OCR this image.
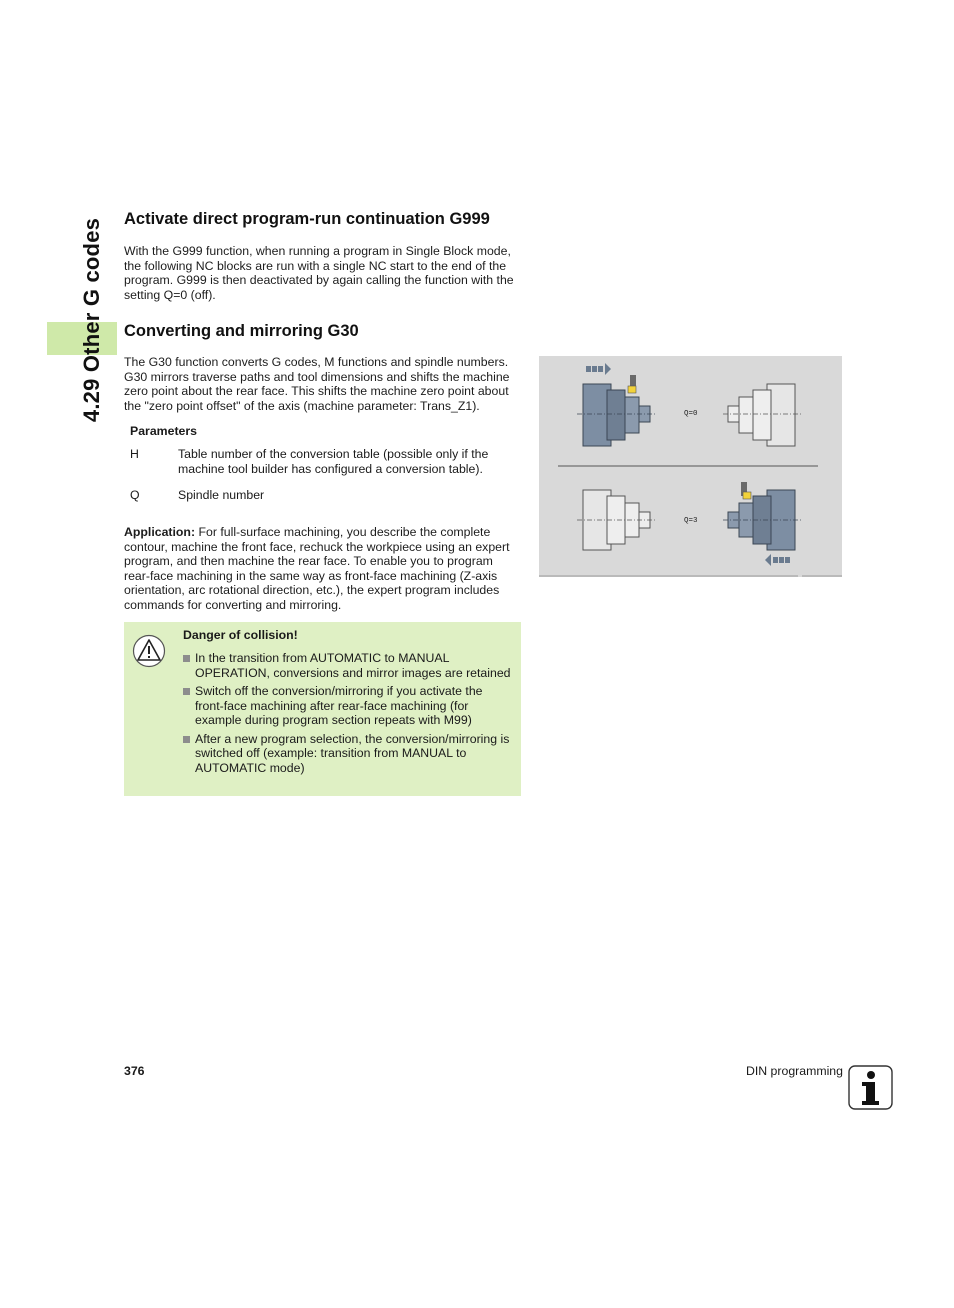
4.29 Other G codes Activate direct program-run continuation G999

With the G999 function, when running a program in Single Block mode, the following NC blocks are run with a single NC start to the end of the program. G999 is then deactivated by again calling the function with the setting Q=0 (off).

Converting and mirroring G30

The G30 function converts G codes, M functions and spindle numbers. G30 mirrors traverse paths and tool dimensions and shifts the machine zero point about the rear face. This shifts the machine zero point about the "zero point offset" of the axis (machine parameter: Trans_Z1).

Parameters
H	Table number of the conversion table (possible only if the machine tool builder has configured a conversion table).
Q	Spindle number

Application: For full-surface machining, you describe the complete contour, machine the front face, rechuck the workpiece using an expert program, and then machine the rear face. To enable you to program rear-face machining in the same way as front-face machining (Z-axis orientation, arc rotational direction, etc.), the expert program includes commands for converting and mirroring.

Q=0
Q=3
Danger of collision!
In the transition from AUTOMATIC to MANUAL OPERATION, conversions and mirror images are retained
Switch off the conversion/mirroring if you activate the front-face machining after rear-face machining (for example during program section repeats with M99)
After a new program selection, the conversion/mirroring is switched off (example: transition from MANUAL to AUTOMATIC mode)
376	DIN programming
